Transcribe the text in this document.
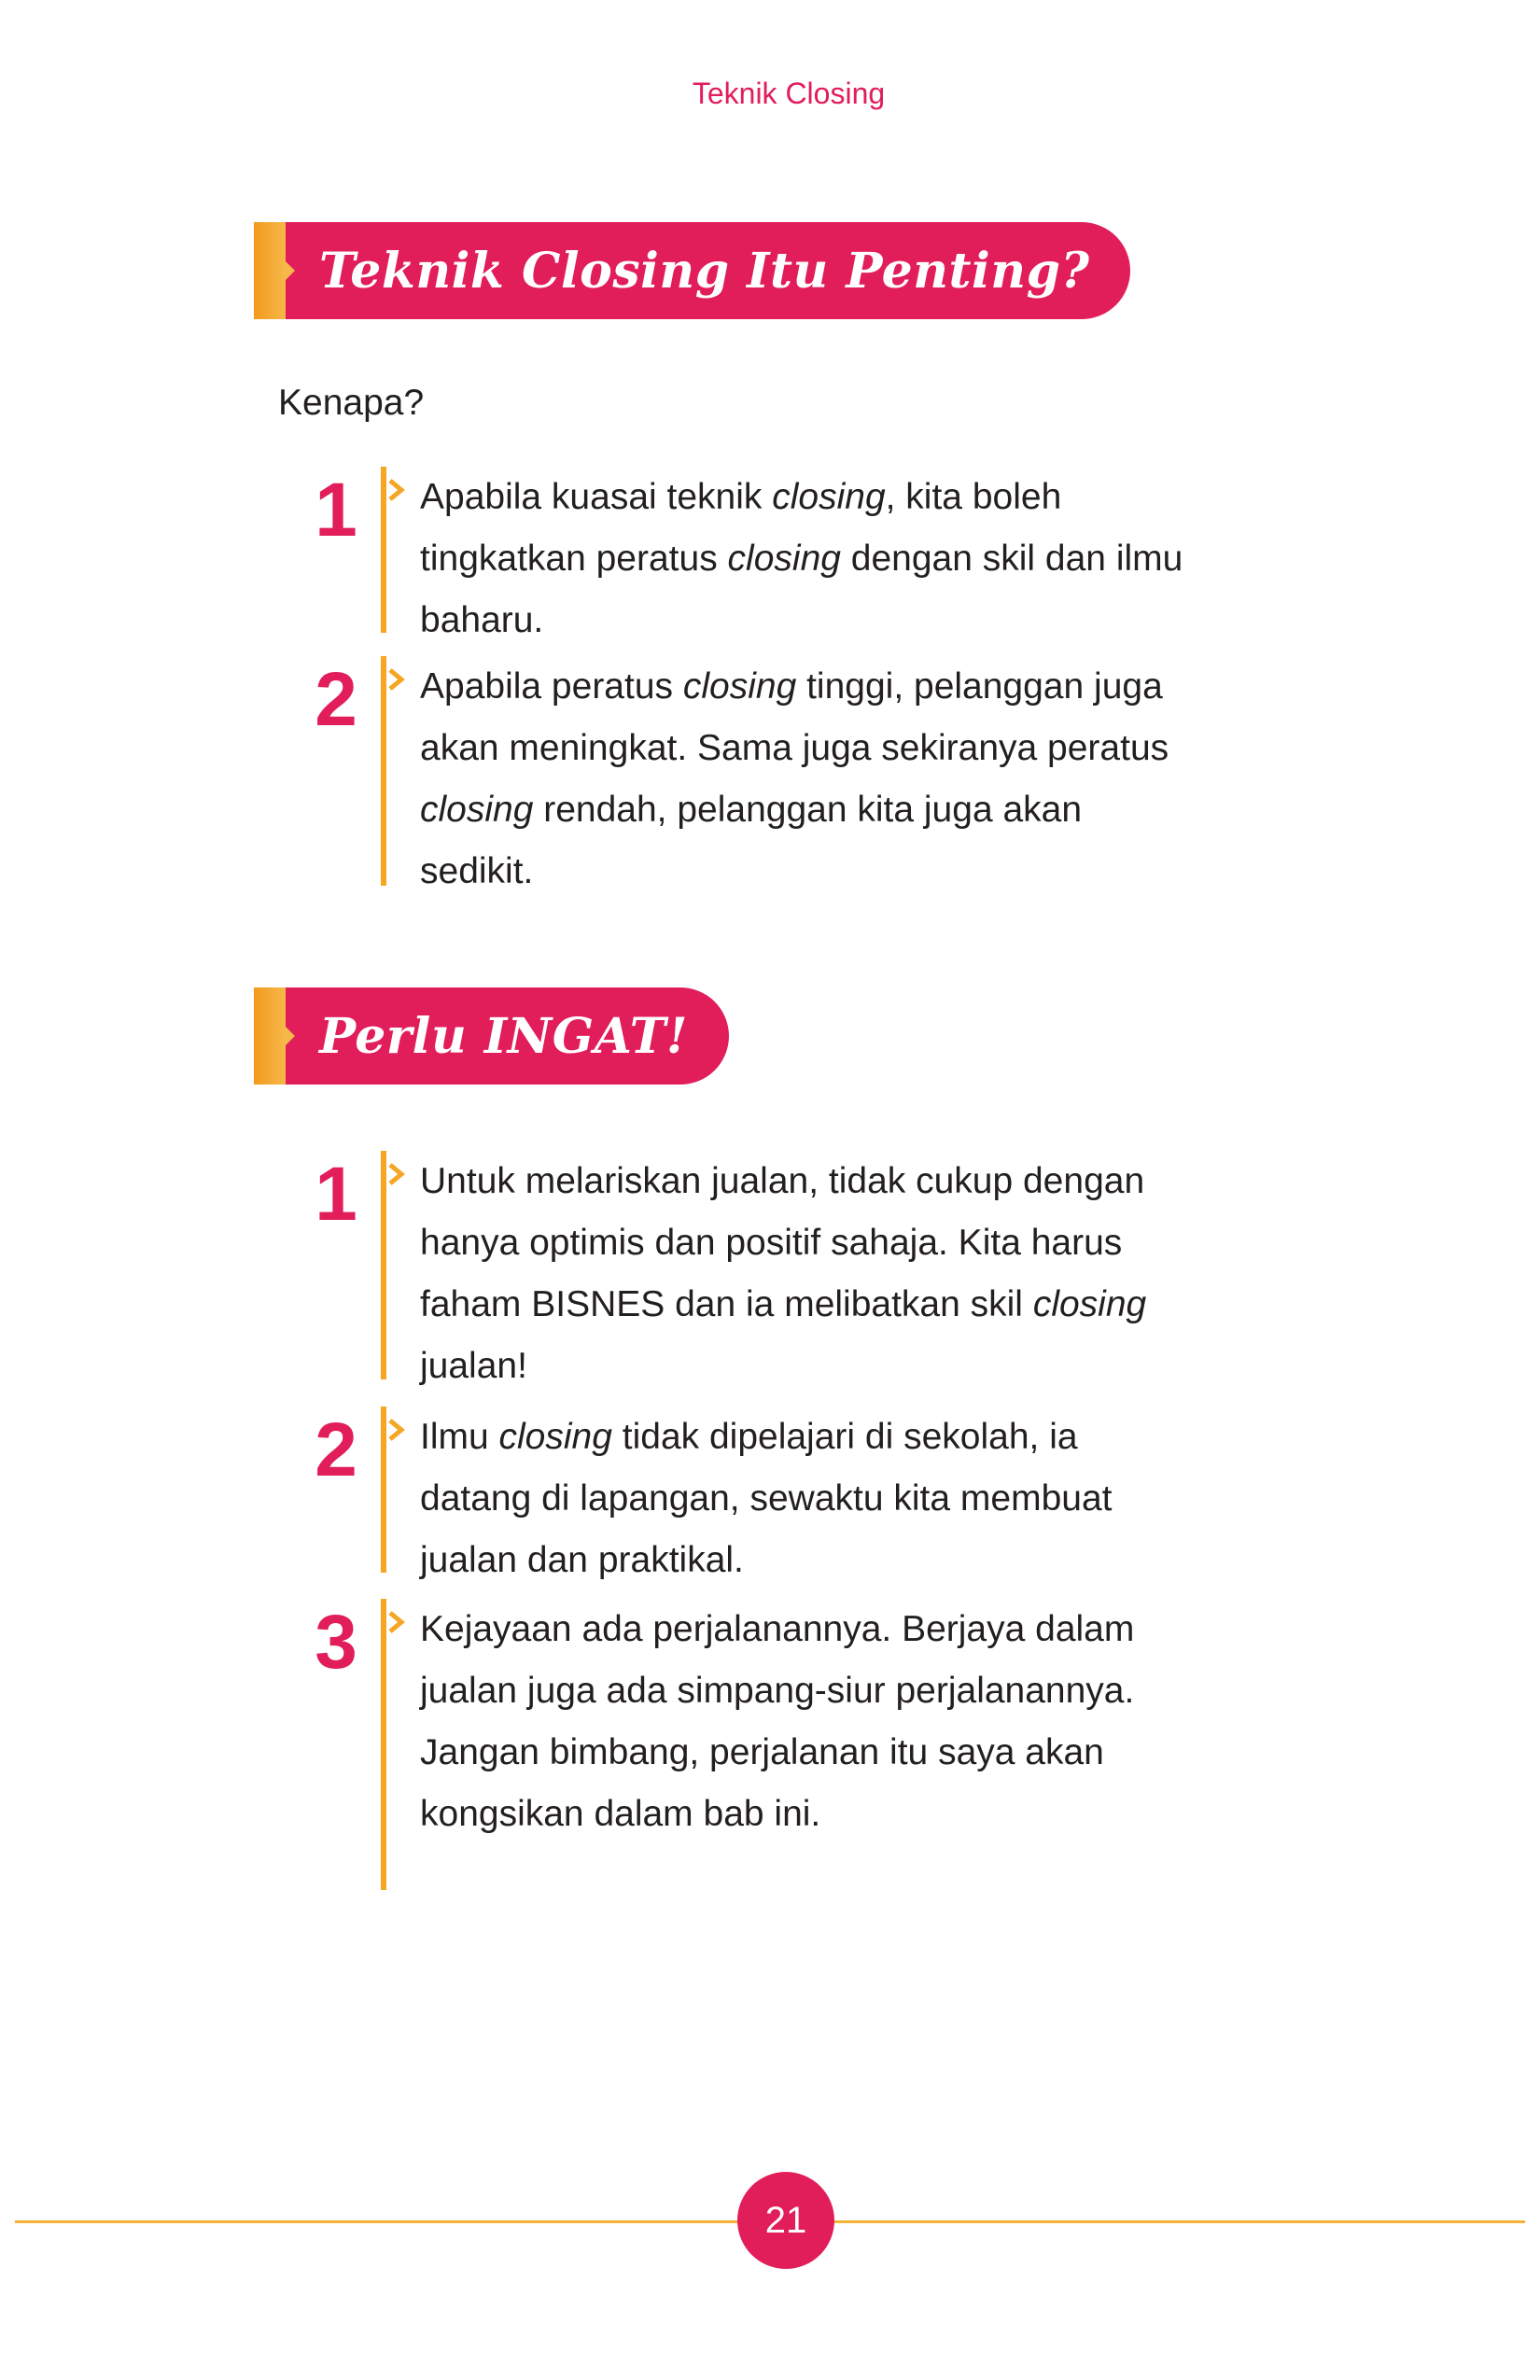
Teknik Closing
Teknik Closing Itu Penting?
Kenapa?
1 Apabila kuasai teknik closing, kita boleh tingkatkan peratus closing dengan skil dan ilmu baharu.
2 Apabila peratus closing tinggi, pelanggan juga akan meningkat. Sama juga sekiranya peratus closing rendah, pelanggan kita juga akan sedikit.
Perlu INGAT!
1 Untuk melariskan jualan, tidak cukup dengan hanya optimis dan positif sahaja. Kita harus faham BISNES dan ia melibatkan skil closing jualan!
2 Ilmu closing tidak dipelajari di sekolah, ia datang di lapangan, sewaktu kita membuat jualan dan praktikal.
3 Kejayaan ada perjalanannya. Berjaya dalam jualan juga ada simpang-siur perjalanannya. Jangan bimbang, perjalanan itu saya akan kongsikan dalam bab ini.
21
